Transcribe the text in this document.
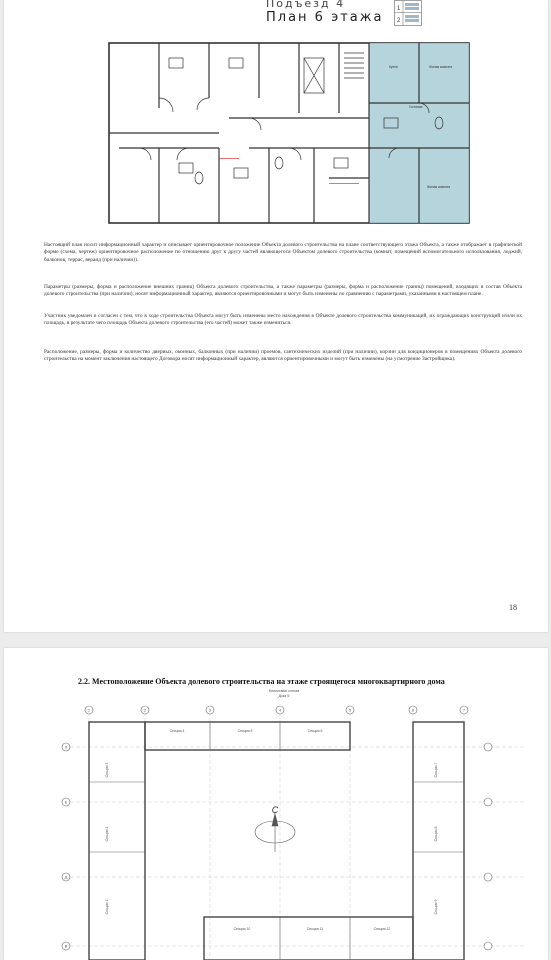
Подъезд 4
План 6 этажа
1
2
Кухня	Жилая комната
Гостиная
Жилая комната

Настоящий план носит информационный характер и описывает ориентировочное положение Объекта долевого строительства на плане соответствующего этажа Объекта, а также отображает в графической форме (схема, чертеж) ориентировочное расположение по отношению друг к другу частей являющегося Объектом долевого строительства (комнат, помещений вспомогательного использования, лоджий, балконов, террас, веранд (при наличии)).

Параметры (размеры, форма и расположение внешних границ) Объекта долевого строительства, а также параметры (размеры, форма и расположение границ) помещений, входящих в состав Объекта долевого строительства (при наличии), носят информационный характер, являются ориентировочными и могут быть изменены по сравнению с параметрами, указанными в настоящем плане.

Участник уведомлен и согласен с тем, что в ходе строительства Объекта могут быть изменены место нахождения в Объекте долевого строительства коммуникаций, их ограждающих конструкций и/или их площадь, в результате чего площадь Объекта долевого строительства (его частей) может также измениться.

Расположение, размеры, форма и количество дверных, оконных, балконных (при наличии) проемов, сантехнических изделий (при наличии), корзин для кондиционеров в помещениях Объекта долевого строительства на момент заключения настоящего Договора носят информационный характер, являются ориентировочными и могут быть изменены (на усмотрение Застройщика).

18
2.2. Местоположение Объекта долевого строительства на этаже строящегося многоквартирного дома
Ключевая схема
Дом 5
1	2	3	4	5	6	7
Л
Е
Д
В
Секция 4	Секция 5	Секция 6
Секция 3
Секция 2
Секция 1
Секция 7
Секция 8
Секция 9
Секция 10	Секция 11	Секция 12
С
